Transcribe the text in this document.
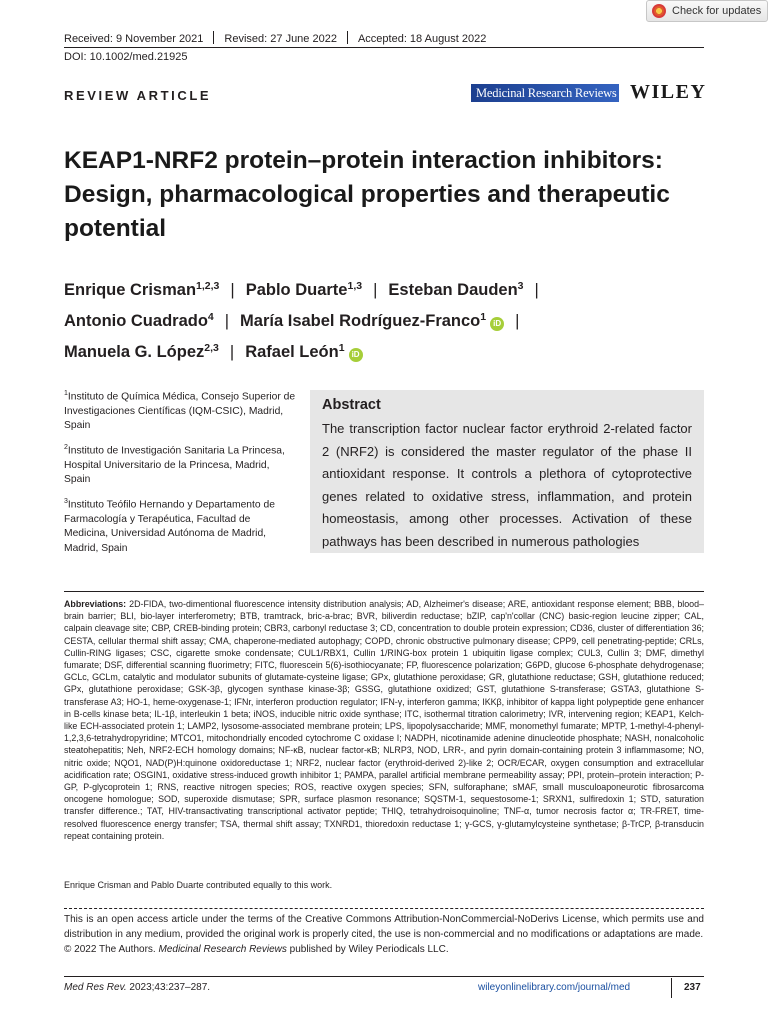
Check for updates
Received: 9 November 2021 Revised: 27 June 2022 Accepted: 18 August 2022
DOI: 10.1002/med.21925
REVIEW ARTICLE	Medicinal Research Reviews WILEY
KEAP1-NRF2 protein–protein interaction inhibitors: Design, pharmacological properties and therapeutic potential
Enrique Crisman$^{1,2,3}$ | Pablo Duarte$^{1,3}$ | Esteban Dauden$^3$ |
Antonio Cuadrado$^4$ | María Isabel Rodríguez-Franco$^1$iD |
Manuela G. López$^{2,3}$ | Rafael León$^1$iD
$^1$Instituto de Química Médica, Consejo Superior de Investigaciones Científicas (IQM-CSIC), Madrid, Spain
$^2$Instituto de Investigación Sanitaria La Princesa, Hospital Universitario de la Princesa, Madrid, Spain
$^3$Instituto Teófilo Hernando y Departamento de Farmacología y Terapéutica, Facultad de Medicina, Universidad Autónoma de Madrid, Madrid, Spain
Abstract
The transcription factor nuclear factor erythroid 2-related factor 2 (NRF2) is considered the master regulator of the phase II antioxidant response. It controls a plethora of cytoprotective genes related to oxidative stress, inflammation, and protein homeostasis, among other processes. Activation of these pathways has been described in numerous pathologies
Abbreviations: 2D-FIDA, two-dimentional fluorescence intensity distribution analysis; AD, Alzheimer's disease; ARE, antioxidant response element; BBB, blood–brain barrier; BLI, bio-layer interferometry; BTB, tramtrack, bric-a-brac; BVR, biliverdin reductase; bZIP, cap'n'collar (CNC) basic-region leucine zipper; CAL, calpain cleavage site; CBP, CREB-binding protein; CBR3, carbonyl reductase 3; CD, concentration to double protein expression; CD36, cluster of differentiation 36; CESTA, cellular thermal shift assay; CMA, chaperone-mediated autophagy; COPD, chronic obstructive pulmonary disease; CPP9, cell penetrating-peptide; CRLs, Cullin-RING ligases; CSC, cigarette smoke condensate; CUL1/RBX1, Cullin 1/RING-box protein 1 ubiquitin ligase complex; CUL3, Cullin 3; DMF, dimethyl fumarate; DSF, differential scanning fluorimetry; FITC, fluorescein 5(6)-isothiocyanate; FP, fluorescence polarization; G6PD, glucose 6-phosphate dehydrogenase; GCLc, GCLm, catalytic and modulator subunits of glutamate-cysteine ligase; GPx, glutathione peroxidase; GR, glutathione reductase; GSH, glutathione reduced; GPx, glutathione peroxidase; GSK-3β, glycogen synthase kinase-3β; GSSG, glutathione oxidized; GST, glutathione S-transferase; GSTA3, glutathione S-transferase A3; HO-1, heme-oxygenase-1; IFNr, interferon production regulator; IFN-γ, interferon gamma; IKKβ, inhibitor of kappa light polypeptide gene enhancer in B-cells kinase beta; IL-1β, interleukin 1 beta; iNOS, inducible nitric oxide synthase; ITC, isothermal titration calorimetry; IVR, intervening region; KEAP1, Kelch-like ECH-associated protein 1; LAMP2, lysosome-associated membrane protein; LPS, lipopolysaccharide; MMF, monomethyl fumarate; MPTP, 1-methyl-4-phenyl-1,2,3,6-tetrahydropyridine; MTCO1, mitochondrially encoded cytochrome C oxidase I; NADPH, nicotinamide adenine dinucleotide phosphate; NASH, nonalcoholic steatohepatitis; Neh, NRF2-ECH homology domains; NF-κB, nuclear factor-κB; NLRP3, NOD, LRR-, and pyrin domain-containing protein 3 inflammasome; NO, nitric oxide; NQO1, NAD(P)H:quinone oxidoreductase 1; NRF2, nuclear factor (erythroid-derived 2)-like 2; OCR/ECAR, oxygen consumption and extracellular acidification rate; OSGIN1, oxidative stress-induced growth inhibitor 1; PAMPA, parallel artificial membrane permeability assay; PPI, protein–protein interaction; P-GP, P-glycoprotein 1; RNS, reactive nitrogen species; ROS, reactive oxygen species; SFN, sulforaphane; sMAF, small musculoaponeurotic fibrosarcoma oncogene homologue; SOD, superoxide dismutase; SPR, surface plasmon resonance; SQSTM-1, sequestosome-1; SRXN1, sulfiredoxin 1; STD, saturation transfer difference.; TAT, HIV-transactivating transcriptional activator peptide; THIQ, tetrahydroisoquinoline; TNF-α, tumor necrosis factor α; TR-FRET, time-resolved fluorescence energy transfer; TSA, thermal shift assay; TXNRD1, thioredoxin reductase 1; γ-GCS, γ-glutamylcysteine synthetase; β-TrCP, β-transducin repeat containing protein.
Enrique Crisman and Pablo Duarte contributed equally to this work.
This is an open access article under the terms of the Creative Commons Attribution-NonCommercial-NoDerivs License, which permits use and distribution in any medium, provided the original work is properly cited, the use is non-commercial and no modifications or adaptations are made.
© 2022 The Authors. Medicinal Research Reviews published by Wiley Periodicals LLC.
Med Res Rev. 2023;43:237–287.	wileyonlinelibrary.com/journal/med	237
